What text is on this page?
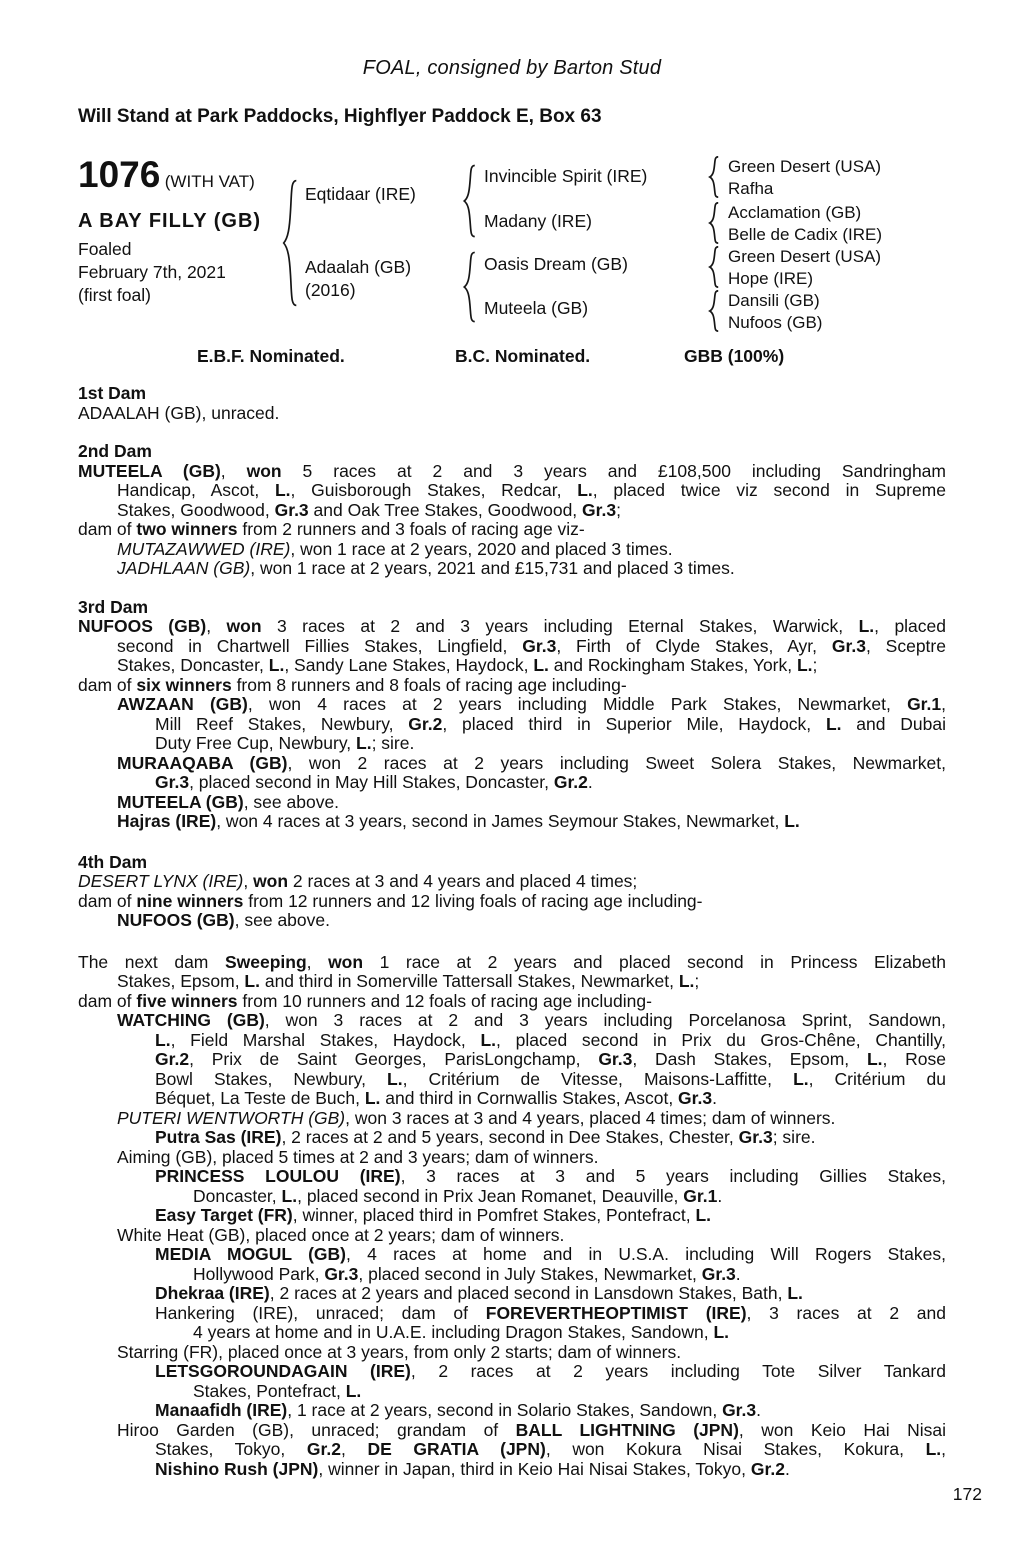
FOAL, consigned by Barton Stud
Will Stand at Park Paddocks, Highflyer Paddock E, Box 63
1076 (WITH VAT)
A BAY FILLY (GB)
Foaled
February 7th, 2021
(first foal)
Eqtidaar (IRE)
Adaalah (GB)
(2016)
Invincible Spirit (IRE)
Madany (IRE)
Oasis Dream (GB)
Muteela (GB)
Green Desert (USA)
Rafha
Acclamation (GB)
Belle de Cadix (IRE)
Green Desert (USA)
Hope (IRE)
Dansili (GB)
Nufoos (GB)
E.B.F. Nominated.	B.C. Nominated.	GBB (100%)
1st Dam
ADAALAH (GB), unraced.
2nd Dam
MUTEELA (GB), won 5 races at 2 and 3 years and £108,500 including Sandringham
Handicap, Ascot, L., Guisborough Stakes, Redcar, L., placed twice viz second in Supreme
Stakes, Goodwood, Gr.3 and Oak Tree Stakes, Goodwood, Gr.3;
dam of two winners from 2 runners and 3 foals of racing age viz-
MUTAZAWWED (IRE), won 1 race at 2 years, 2020 and placed 3 times.
JADHLAAN (GB), won 1 race at 2 years, 2021 and £15,731 and placed 3 times.
3rd Dam
NUFOOS (GB), won 3 races at 2 and 3 years including Eternal Stakes, Warwick, L., placed
second in Chartwell Fillies Stakes, Lingfield, Gr.3, Firth of Clyde Stakes, Ayr, Gr.3, Sceptre
Stakes, Doncaster, L., Sandy Lane Stakes, Haydock, L. and Rockingham Stakes, York, L.;
dam of six winners from 8 runners and 8 foals of racing age including-
AWZAAN (GB), won 4 races at 2 years including Middle Park Stakes, Newmarket, Gr.1,
Mill Reef Stakes, Newbury, Gr.2, placed third in Superior Mile, Haydock, L. and Dubai
Duty Free Cup, Newbury, L.; sire.
MURAAQABA (GB), won 2 races at 2 years including Sweet Solera Stakes, Newmarket,
Gr.3, placed second in May Hill Stakes, Doncaster, Gr.2.
MUTEELA (GB), see above.
Hajras (IRE), won 4 races at 3 years, second in James Seymour Stakes, Newmarket, L.
4th Dam
DESERT LYNX (IRE), won 2 races at 3 and 4 years and placed 4 times;
dam of nine winners from 12 runners and 12 living foals of racing age including-
NUFOOS (GB), see above.
The next dam Sweeping, won 1 race at 2 years and placed second in Princess Elizabeth
Stakes, Epsom, L. and third in Somerville Tattersall Stakes, Newmarket, L.;
dam of five winners from 10 runners and 12 foals of racing age including-
WATCHING (GB), won 3 races at 2 and 3 years including Porcelanosa Sprint, Sandown,
L., Field Marshal Stakes, Haydock, L., placed second in Prix du Gros-Chêne, Chantilly,
Gr.2, Prix de Saint Georges, ParisLongchamp, Gr.3, Dash Stakes, Epsom, L., Rose
Bowl Stakes, Newbury, L., Critérium de Vitesse, Maisons-Laffitte, L., Critérium du
Béquet, La Teste de Buch, L. and third in Cornwallis Stakes, Ascot, Gr.3.
PUTERI WENTWORTH (GB), won 3 races at 3 and 4 years, placed 4 times; dam of winners.
Putra Sas (IRE), 2 races at 2 and 5 years, second in Dee Stakes, Chester, Gr.3; sire.
Aiming (GB), placed 5 times at 2 and 3 years; dam of winners.
PRINCESS LOULOU (IRE), 3 races at 3 and 5 years including Gillies Stakes,
Doncaster, L., placed second in Prix Jean Romanet, Deauville, Gr.1.
Easy Target (FR), winner, placed third in Pomfret Stakes, Pontefract, L.
White Heat (GB), placed once at 2 years; dam of winners.
MEDIA MOGUL (GB), 4 races at home and in U.S.A. including Will Rogers Stakes,
Hollywood Park, Gr.3, placed second in July Stakes, Newmarket, Gr.3.
Dhekraa (IRE), 2 races at 2 years and placed second in Lansdown Stakes, Bath, L.
Hankering (IRE), unraced; dam of FOREVERTHEOPTIMIST (IRE), 3 races at 2 and
4 years at home and in U.A.E. including Dragon Stakes, Sandown, L.
Starring (FR), placed once at 3 years, from only 2 starts; dam of winners.
LETSGOROUNDAGAIN (IRE), 2 races at 2 years including Tote Silver Tankard
Stakes, Pontefract, L.
Manaafidh (IRE), 1 race at 2 years, second in Solario Stakes, Sandown, Gr.3.
Hiroo Garden (GB), unraced; grandam of BALL LIGHTNING (JPN), won Keio Hai Nisai
Stakes, Tokyo, Gr.2, DE GRATIA (JPN), won Kokura Nisai Stakes, Kokura, L.,
Nishino Rush (JPN), winner in Japan, third in Keio Hai Nisai Stakes, Tokyo, Gr.2.
172
